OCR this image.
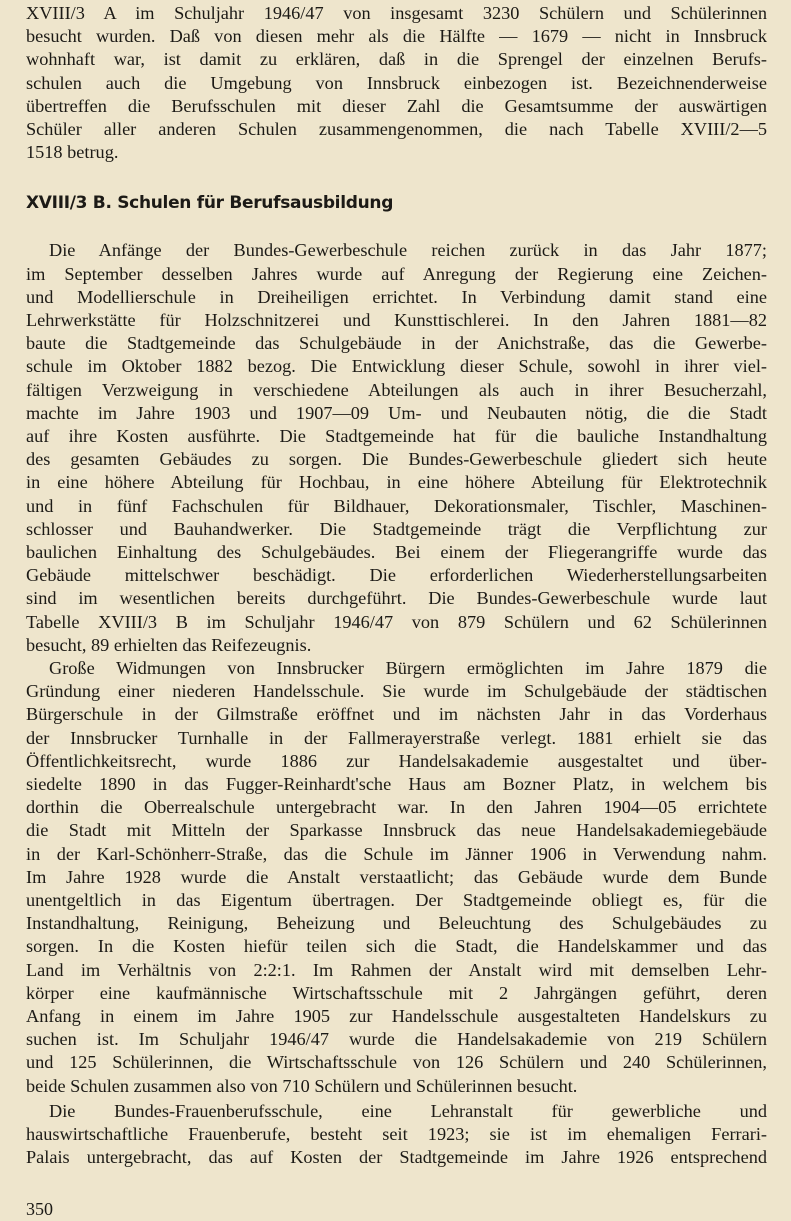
XVIII/3 A im Schuljahr 1946/47 von insgesamt 3230 Schülern und Schülerinnen
besucht wurden. Daß von diesen mehr als die Hälfte — 1679 — nicht in Innsbruck
wohnhaft war, ist damit zu erklären, daß in die Sprengel der einzelnen Berufs-
schulen auch die Umgebung von Innsbruck einbezogen ist. Bezeichnenderweise
übertreffen die Berufsschulen mit dieser Zahl die Gesamtsumme der auswärtigen
Schüler aller anderen Schulen zusammengenommen, die nach Tabelle XVIII/2—5
1518 betrug.
XVIII/3 B. Schulen für Berufsausbildung
Die Anfänge der Bundes-Gewerbeschule reichen zurück in das Jahr 1877;
im September desselben Jahres wurde auf Anregung der Regierung eine Zeichen-
und Modellierschule in Dreiheiligen errichtet. In Verbindung damit stand eine
Lehrwerkstätte für Holzschnitzerei und Kunsttischlerei. In den Jahren 1881—82
baute die Stadtgemeinde das Schulgebäude in der Anichstraße, das die Gewerbe-
schule im Oktober 1882 bezog. Die Entwicklung dieser Schule, sowohl in ihrer viel-
fältigen Verzweigung in verschiedene Abteilungen als auch in ihrer Besucherzahl,
machte im Jahre 1903 und 1907—09 Um- und Neubauten nötig, die die Stadt
auf ihre Kosten ausführte. Die Stadtgemeinde hat für die bauliche Instandhaltung
des gesamten Gebäudes zu sorgen. Die Bundes-Gewerbeschule gliedert sich heute
in eine höhere Abteilung für Hochbau, in eine höhere Abteilung für Elektrotechnik
und in fünf Fachschulen für Bildhauer, Dekorationsmaler, Tischler, Maschinen-
schlosser und Bauhandwerker. Die Stadtgemeinde trägt die Verpflichtung zur
baulichen Einhaltung des Schulgebäudes. Bei einem der Fliegerangriffe wurde das
Gebäude mittelschwer beschädigt. Die erforderlichen Wiederherstellungsarbeiten
sind im wesentlichen bereits durchgeführt. Die Bundes-Gewerbeschule wurde laut
Tabelle XVIII/3 B im Schuljahr 1946/47 von 879 Schülern und 62 Schülerinnen
besucht, 89 erhielten das Reifezeugnis.
Große Widmungen von Innsbrucker Bürgern ermöglichten im Jahre 1879 die
Gründung einer niederen Handelsschule. Sie wurde im Schulgebäude der städtischen
Bürgerschule in der Gilmstraße eröffnet und im nächsten Jahr in das Vorderhaus
der Innsbrucker Turnhalle in der Fallmerayerstraße verlegt. 1881 erhielt sie das
Öffentlichkeitsrecht, wurde 1886 zur Handelsakademie ausgestaltet und über-
siedelte 1890 in das Fugger-Reinhardt'sche Haus am Bozner Platz, in welchem bis
dorthin die Oberrealschule untergebracht war. In den Jahren 1904—05 errichtete
die Stadt mit Mitteln der Sparkasse Innsbruck das neue Handelsakademiegebäude
in der Karl-Schönherr-Straße, das die Schule im Jänner 1906 in Verwendung nahm.
Im Jahre 1928 wurde die Anstalt verstaatlicht; das Gebäude wurde dem Bunde
unentgeltlich in das Eigentum übertragen. Der Stadtgemeinde obliegt es, für die
Instandhaltung, Reinigung, Beheizung und Beleuchtung des Schulgebäudes zu
sorgen. In die Kosten hiefür teilen sich die Stadt, die Handelskammer und das
Land im Verhältnis von 2:2:1. Im Rahmen der Anstalt wird mit demselben Lehr-
körper eine kaufmännische Wirtschaftsschule mit 2 Jahrgängen geführt, deren
Anfang in einem im Jahre 1905 zur Handelsschule ausgestalteten Handelskurs zu
suchen ist. Im Schuljahr 1946/47 wurde die Handelsakademie von 219 Schülern
und 125 Schülerinnen, die Wirtschaftsschule von 126 Schülern und 240 Schülerinnen,
beide Schulen zusammen also von 710 Schülern und Schülerinnen besucht.
Die Bundes-Frauenberufsschule, eine Lehranstalt für gewerbliche und
hauswirtschaftliche Frauenberufe, besteht seit 1923; sie ist im ehemaligen Ferrari-
Palais untergebracht, das auf Kosten der Stadtgemeinde im Jahre 1926 entsprechend
350
